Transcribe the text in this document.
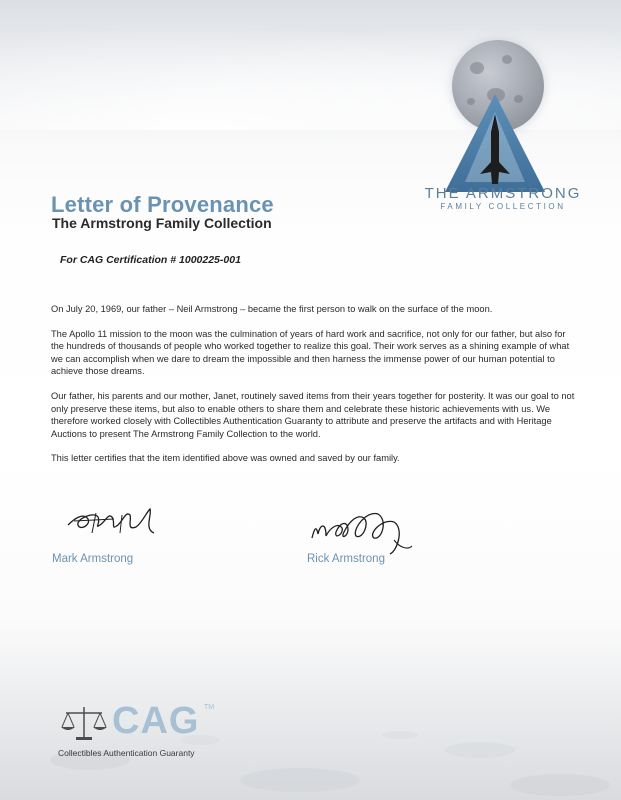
THE ARMSTRONG
FAMILY COLLECTION
Letter of Provenance
The Armstrong Family Collection
For CAG Certification # 1000225-001

On July 20, 1969, our father – Neil Armstrong – became the first person to walk on the surface of the moon.

The Apollo 11 mission to the moon was the culmination of years of hard work and sacrifice, not only for our father, but also for the hundreds of thousands of people who worked together to realize this goal. Their work serves as a shining example of what we can accomplish when we dare to dream the impossible and then harness the immense power of our human potential to achieve those dreams.

Our father, his parents and our mother, Janet, routinely saved items from their years together for posterity. It was our goal to not only preserve these items, but also to enable others to share them and celebrate these historic achievements with us. We therefore worked closely with Collectibles Authentication Guaranty to attribute and preserve the artifacts and with Heritage Auctions to present The Armstrong Family Collection to the world.

This letter certifies that the item identified above was owned and saved by our family.

Mark Armstrong	Rick Armstrong
CAG TM
Collectibles Authentication Guaranty
